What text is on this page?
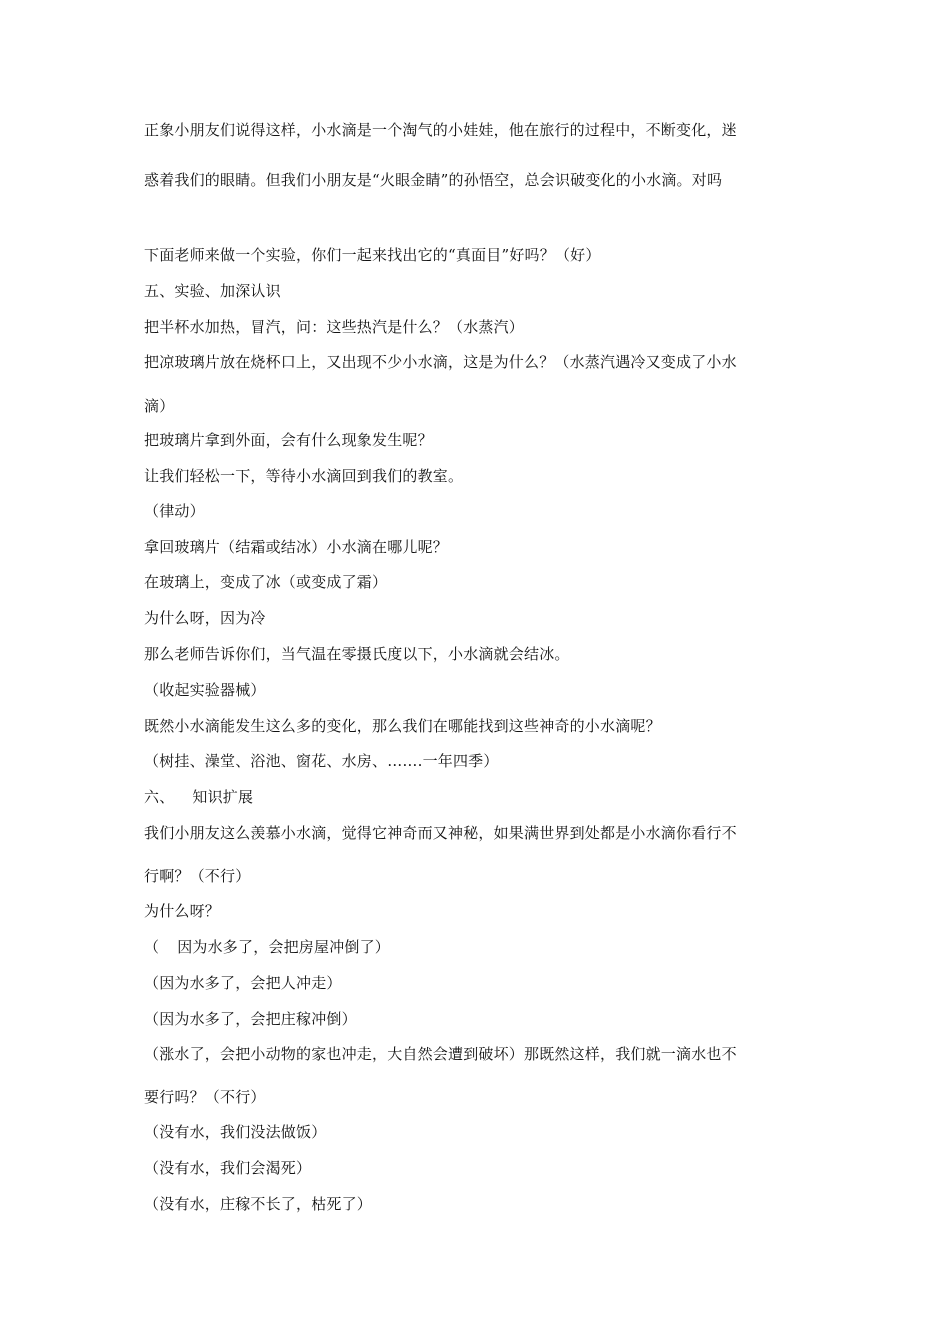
正象小朋友们说得这样，小水滴是一个淘气的小娃娃，他在旅行的过程中，不断变化，迷

惑着我们的眼睛。但我们小朋友是“火眼金睛”的孙悟空，总会识破变化的小水滴。对吗

下面老师来做一个实验，你们一起来找出它的“真面目”好吗？（好）

五、实验、加深认识

把半杯水加热，冒汽，问：这些热汽是什么？（水蒸汽）

把凉玻璃片放在烧杯口上，又出现不少小水滴，这是为什么？（水蒸汽遇冷又变成了小水

滴）

把玻璃片拿到外面，会有什么现象发生呢？

让我们轻松一下，等待小水滴回到我们的教室。

（律动）

拿回玻璃片（结霜或结冰）小水滴在哪儿呢？

在玻璃上，变成了冰（或变成了霜）

为什么呀，因为冷

那么老师告诉你们，当气温在零摄氏度以下，小水滴就会结冰。

（收起实验器械）

既然小水滴能发生这么多的变化，那么我们在哪能找到这些神奇的小水滴呢？

（树挂、澡堂、浴池、窗花、水房、…….一年四季）

六、 知识扩展

我们小朋友这么羡慕小水滴，觉得它神奇而又神秘，如果满世界到处都是小水滴你看行不

行啊？（不行）

为什么呀？

（ 因为水多了，会把房屋冲倒了）

（因为水多了，会把人冲走）

（因为水多了，会把庄稼冲倒）

（涨水了，会把小动物的家也冲走，大自然会遭到破坏）那既然这样，我们就一滴水也不

要行吗？（不行）

（没有水，我们没法做饭）

（没有水，我们会渴死）

（没有水，庄稼不长了，枯死了）
